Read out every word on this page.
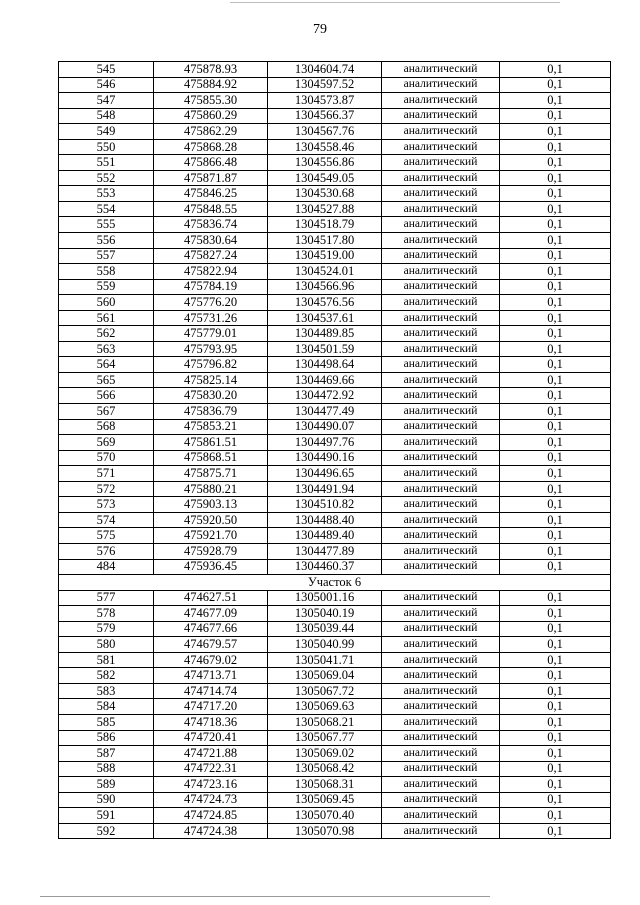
79
545	475878.93	1304604.74	аналитический	0,1
546	475884.92	1304597.52	аналитический	0,1
547	475855.30	1304573.87	аналитический	0,1
548	475860.29	1304566.37	аналитический	0,1
549	475862.29	1304567.76	аналитический	0,1
550	475868.28	1304558.46	аналитический	0,1
551	475866.48	1304556.86	аналитический	0,1
552	475871.87	1304549.05	аналитический	0,1
553	475846.25	1304530.68	аналитический	0,1
554	475848.55	1304527.88	аналитический	0,1
555	475836.74	1304518.79	аналитический	0,1
556	475830.64	1304517.80	аналитический	0,1
557	475827.24	1304519.00	аналитический	0,1
558	475822.94	1304524.01	аналитический	0,1
559	475784.19	1304566.96	аналитический	0,1
560	475776.20	1304576.56	аналитический	0,1
561	475731.26	1304537.61	аналитический	0,1
562	475779.01	1304489.85	аналитический	0,1
563	475793.95	1304501.59	аналитический	0,1
564	475796.82	1304498.64	аналитический	0,1
565	475825.14	1304469.66	аналитический	0,1
566	475830.20	1304472.92	аналитический	0,1
567	475836.79	1304477.49	аналитический	0,1
568	475853.21	1304490.07	аналитический	0,1
569	475861.51	1304497.76	аналитический	0,1
570	475868.51	1304490.16	аналитический	0,1
571	475875.71	1304496.65	аналитический	0,1
572	475880.21	1304491.94	аналитический	0,1
573	475903.13	1304510.82	аналитический	0,1
574	475920.50	1304488.40	аналитический	0,1
575	475921.70	1304489.40	аналитический	0,1
576	475928.79	1304477.89	аналитический	0,1
484	475936.45	1304460.37	аналитический	0,1
Участок 6				
577	474627.51	1305001.16	аналитический	0,1
578	474677.09	1305040.19	аналитический	0,1
579	474677.66	1305039.44	аналитический	0,1
580	474679.57	1305040.99	аналитический	0,1
581	474679.02	1305041.71	аналитический	0,1
582	474713.71	1305069.04	аналитический	0,1
583	474714.74	1305067.72	аналитический	0,1
584	474717.20	1305069.63	аналитический	0,1
585	474718.36	1305068.21	аналитический	0,1
586	474720.41	1305067.77	аналитический	0,1
587	474721.88	1305069.02	аналитический	0,1
588	474722.31	1305068.42	аналитический	0,1
589	474723.16	1305068.31	аналитический	0,1
590	474724.73	1305069.45	аналитический	0,1
591	474724.85	1305070.40	аналитический	0,1
592	474724.38	1305070.98	аналитический	0,1
